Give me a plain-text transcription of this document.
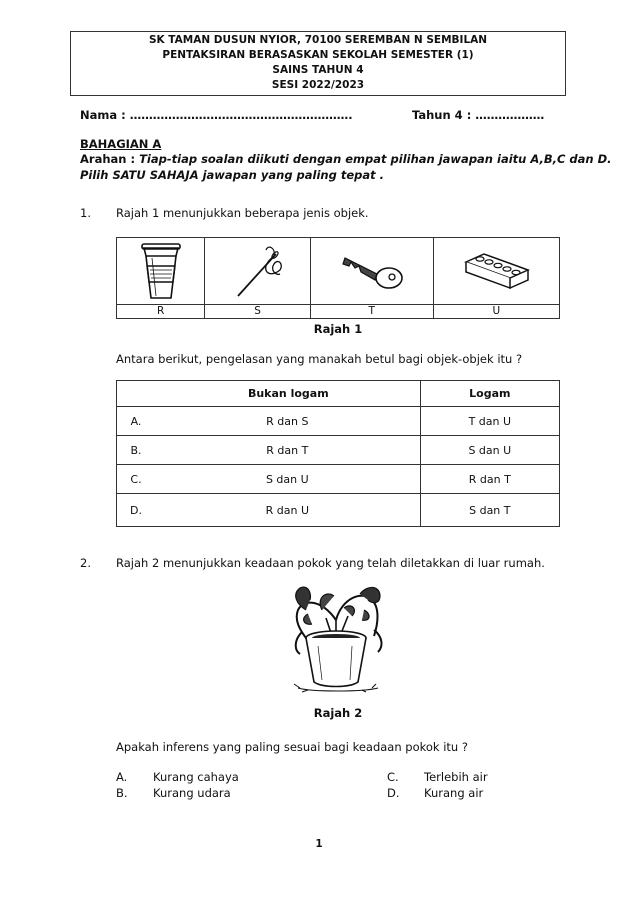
SK TAMAN DUSUN NYIOR, 70100 SEREMBAN N SEMBILAN
PENTAKSIRAN BERASASKAN SEKOLAH SEMESTER (1)
SAINS TAHUN 4
SESI 2022/2023
Nama : ………………………………………………….	Tahun 4 : ………………
BAHAGIAN A
Arahan : Tiap-tiap soalan diikuti dengan empat pilihan jawapan iaitu A,B,C dan D.
Pilih SATU SAHAJA jawapan yang paling tepat .
1. Rajah 1 menunjukkan beberapa jenis objek.

R	S	T	U
Rajah 1
Antara berikut, pengelasan yang manakah betul bagi objek-objek itu ?
Bukan logam		Logam
A.	R dan S	T dan U
B.	R dan T	S dan U
C.	S dan U	R dan T
D.	R dan U	S dan T
2. Rajah 2 menunjukkan keadaan pokok yang telah diletakkan di luar rumah.
Rajah 2
Apakah inferens yang paling sesuai bagi keadaan pokok itu ?
A. Kurang cahaya
B. Kurang udara
C. Terlebih air
D. Kurang air
1
